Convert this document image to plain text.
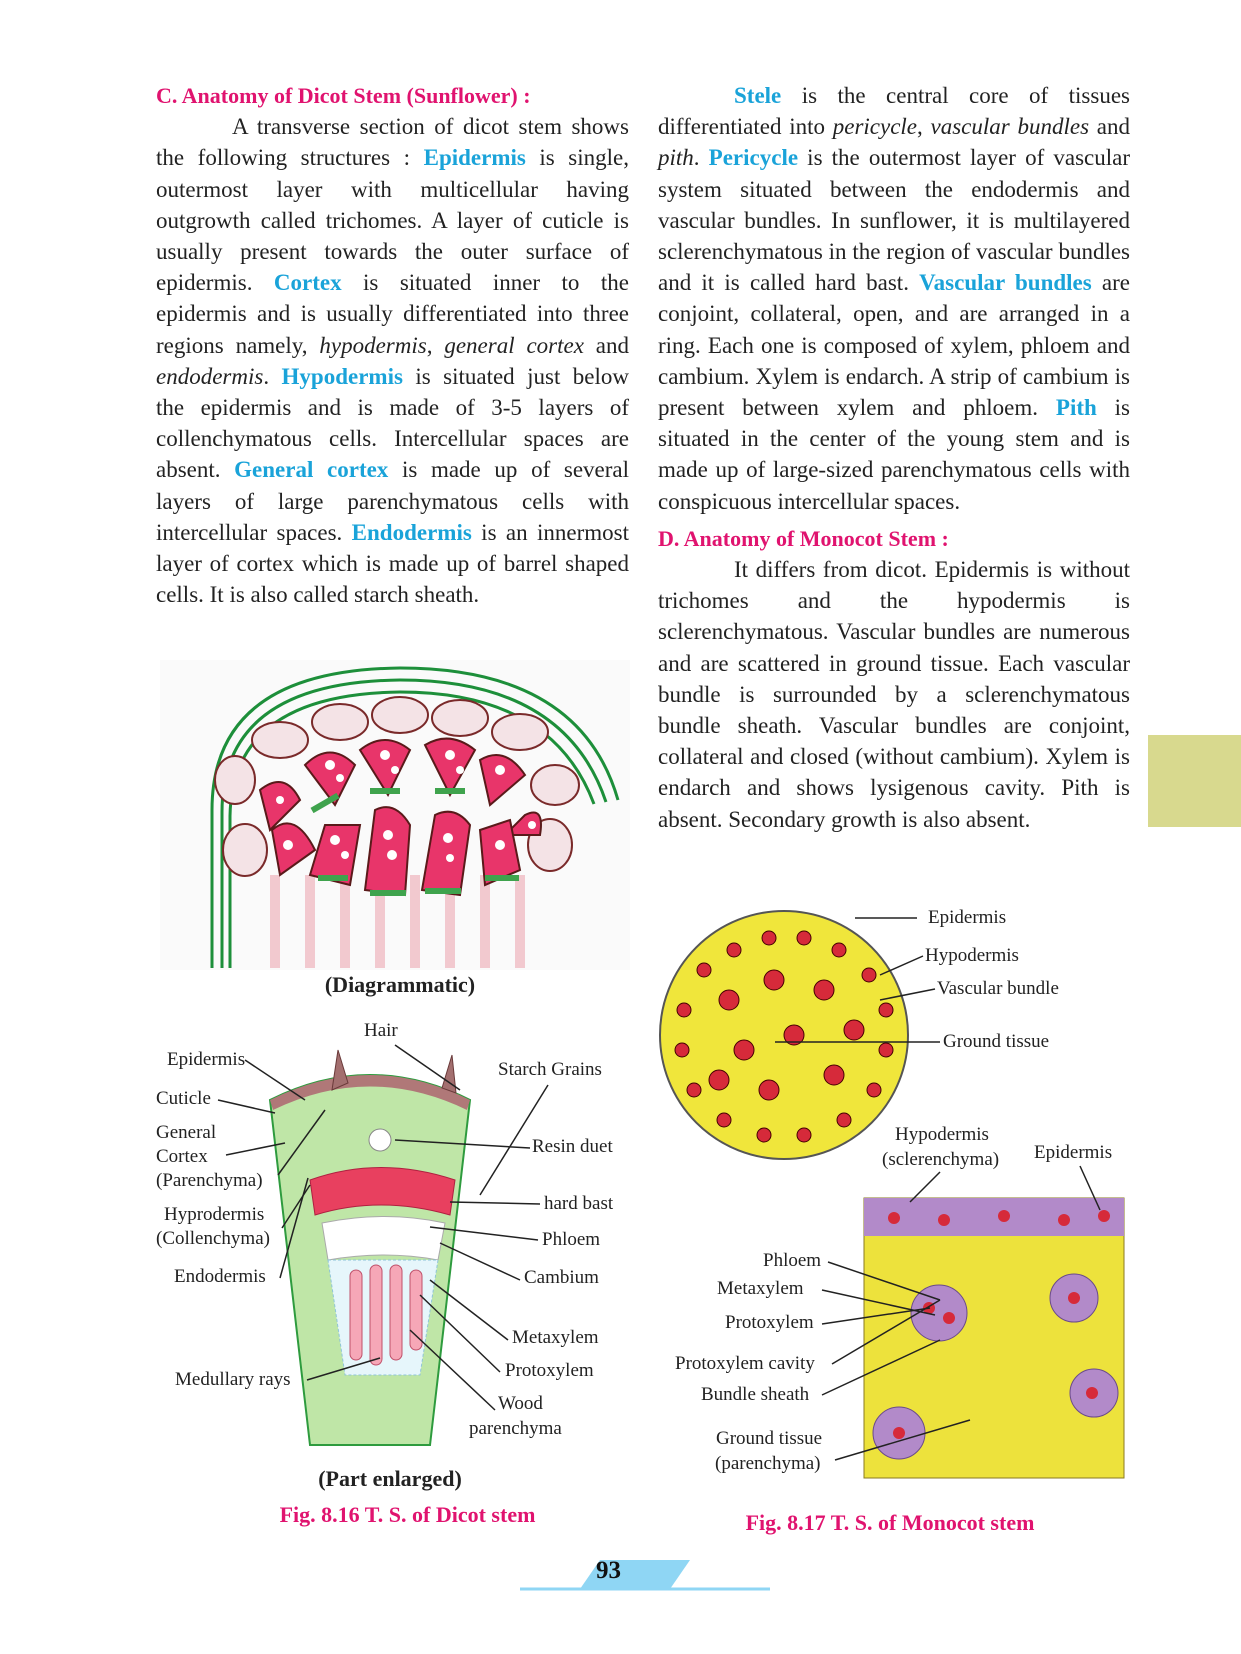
C. Anatomy of Dicot Stem (Sunflower) :

A transverse section of dicot stem shows the following structures : Epidermis is single, outermost layer with multicellular having outgrowth called trichomes. A layer of cuticle is usually present towards the outer surface of epidermis. Cortex is situated inner to the epidermis and is usually differentiated into three regions namely, hypodermis, general cortex and endodermis. Hypodermis is situated just below the epidermis and is made of 3-5 layers of collenchymatous cells. Intercellular spaces are absent. General cortex is made up of several layers of large parenchymatous cells with intercellular spaces. Endodermis is an innermost layer of cortex which is made up of barrel shaped cells. It is also called starch sheath.

Stele is the central core of tissues differentiated into pericycle, vascular bundles and pith. Pericycle is the outermost layer of vascular system situated between the endodermis and vascular bundles. In sunflower, it is multilayered sclerenchymatous in the region of vascular bundles and it is called hard bast. Vascular bundles are conjoint, collateral, open, and are arranged in a ring. Each one is composed of xylem, phloem and cambium. Xylem is endarch. A strip of cambium is present between xylem and phloem. Pith is situated in the center of the young stem and is made up of large-sized parenchymatous cells with conspicuous intercellular spaces.

D. Anatomy of Monocot Stem :

It differs from dicot. Epidermis is without trichomes and the hypodermis is sclerenchymatous. Vascular bundles are numerous and are scattered in ground tissue. Each vascular bundle is surrounded by a sclerenchymatous bundle sheath. Vascular bundles are conjoint, collateral and closed (without cambium). Xylem is endarch and shows lysigenous cavity. Pith is absent. Secondary growth is also absent.

(Diagrammatic)
Hair
Epidermis	Starch Grains
Cuticle
General
Cortex
(Parenchyma)
Resin duet
Hyprodermis
(Collenchyma)
hard bast
Phloem
Endodermis	Cambium
Metaxylem
Medullary rays	Protoxylem
Wood
parenchyma
(Part enlarged)
Fig. 8.16 T. S. of Dicot stem
Epidermis
Hypodermis
Vascular bundle
Ground tissue
Hypodermis
(sclerenchyma) Epidermis
Phloem
Metaxylem
Protoxylem
Protoxylem cavity
Bundle sheath
Ground tissue
(parenchyma)
Fig. 8.17 T. S. of Monocot stem
93
